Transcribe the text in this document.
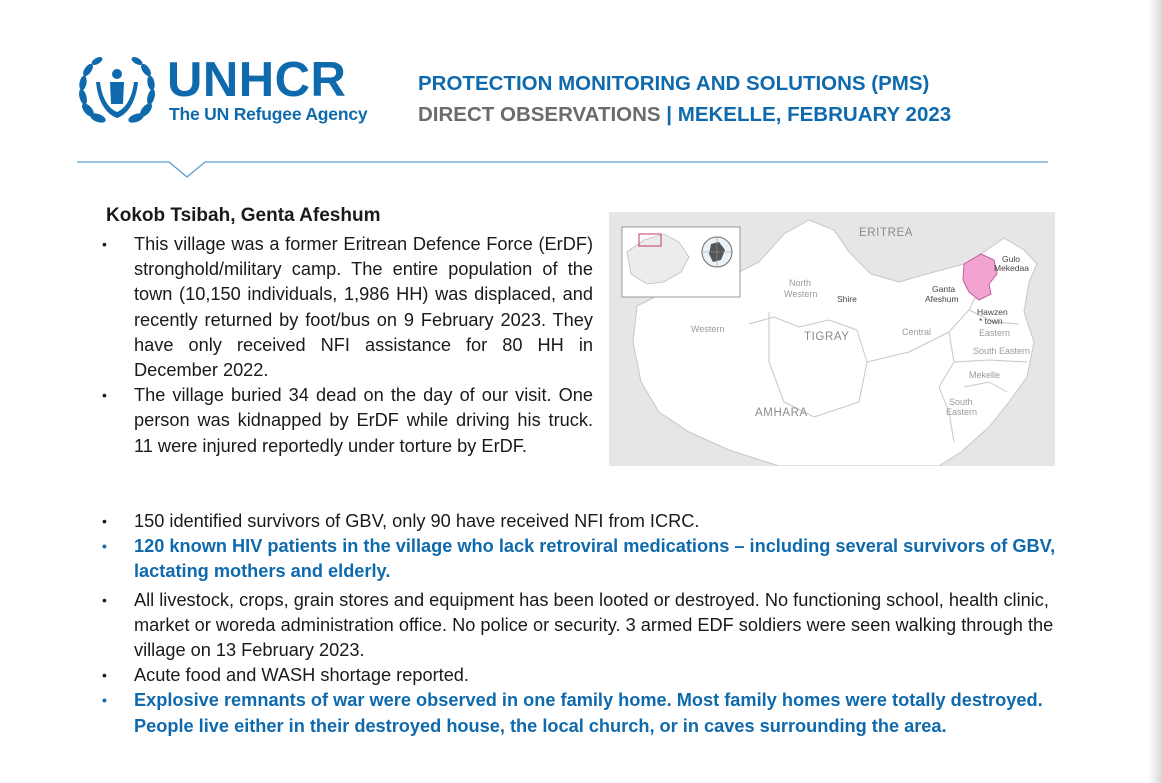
UNHCR
The UN Refugee Agency
PROTECTION MONITORING AND SOLUTIONS (PMS)
DIRECT OBSERVATIONS | MEKELLE, FEBRUARY 2023
Kokob Tsibah, Genta Afeshum
• This village was a former Eritrean Defence Force (ErDF) stronghold/military camp. The entire population of the town (10,150 individuals, 1,986 HH) was displaced, and recently returned by foot/bus on 9 February 2023. They have only received NFI assistance for 80 HH in December 2022.
• The village buried 34 dead on the day of our visit. One person was kidnapped by ErDF while driving his truck. 11 were injured reportedly under torture by ErDF.
• 150 identified survivors of GBV, only 90 have received NFI from ICRC.
• 120 known HIV patients in the village who lack retroviral medications – including several survivors of GBV, lactating mothers and elderly.
• All livestock, crops, grain stores and equipment has been looted or destroyed. No functioning school, health clinic, market or woreda administration office. No police or security. 3 armed EDF soldiers were seen walking through the village on 13 February 2023.
• Acute food and WASH shortage reported.
• Explosive remnants of war were observed in one family home. Most family homes were totally destroyed. People live either in their destroyed house, the local church, or in caves surrounding the area.
ERITREA
TIGRAY
AMHARA
Western
North
Western Shire
Central
Ganta
Afeshum
Gulo
Mekedaa
Hawzen
* town
Eastern
South Eastern
Mekelle
South
Eastern
